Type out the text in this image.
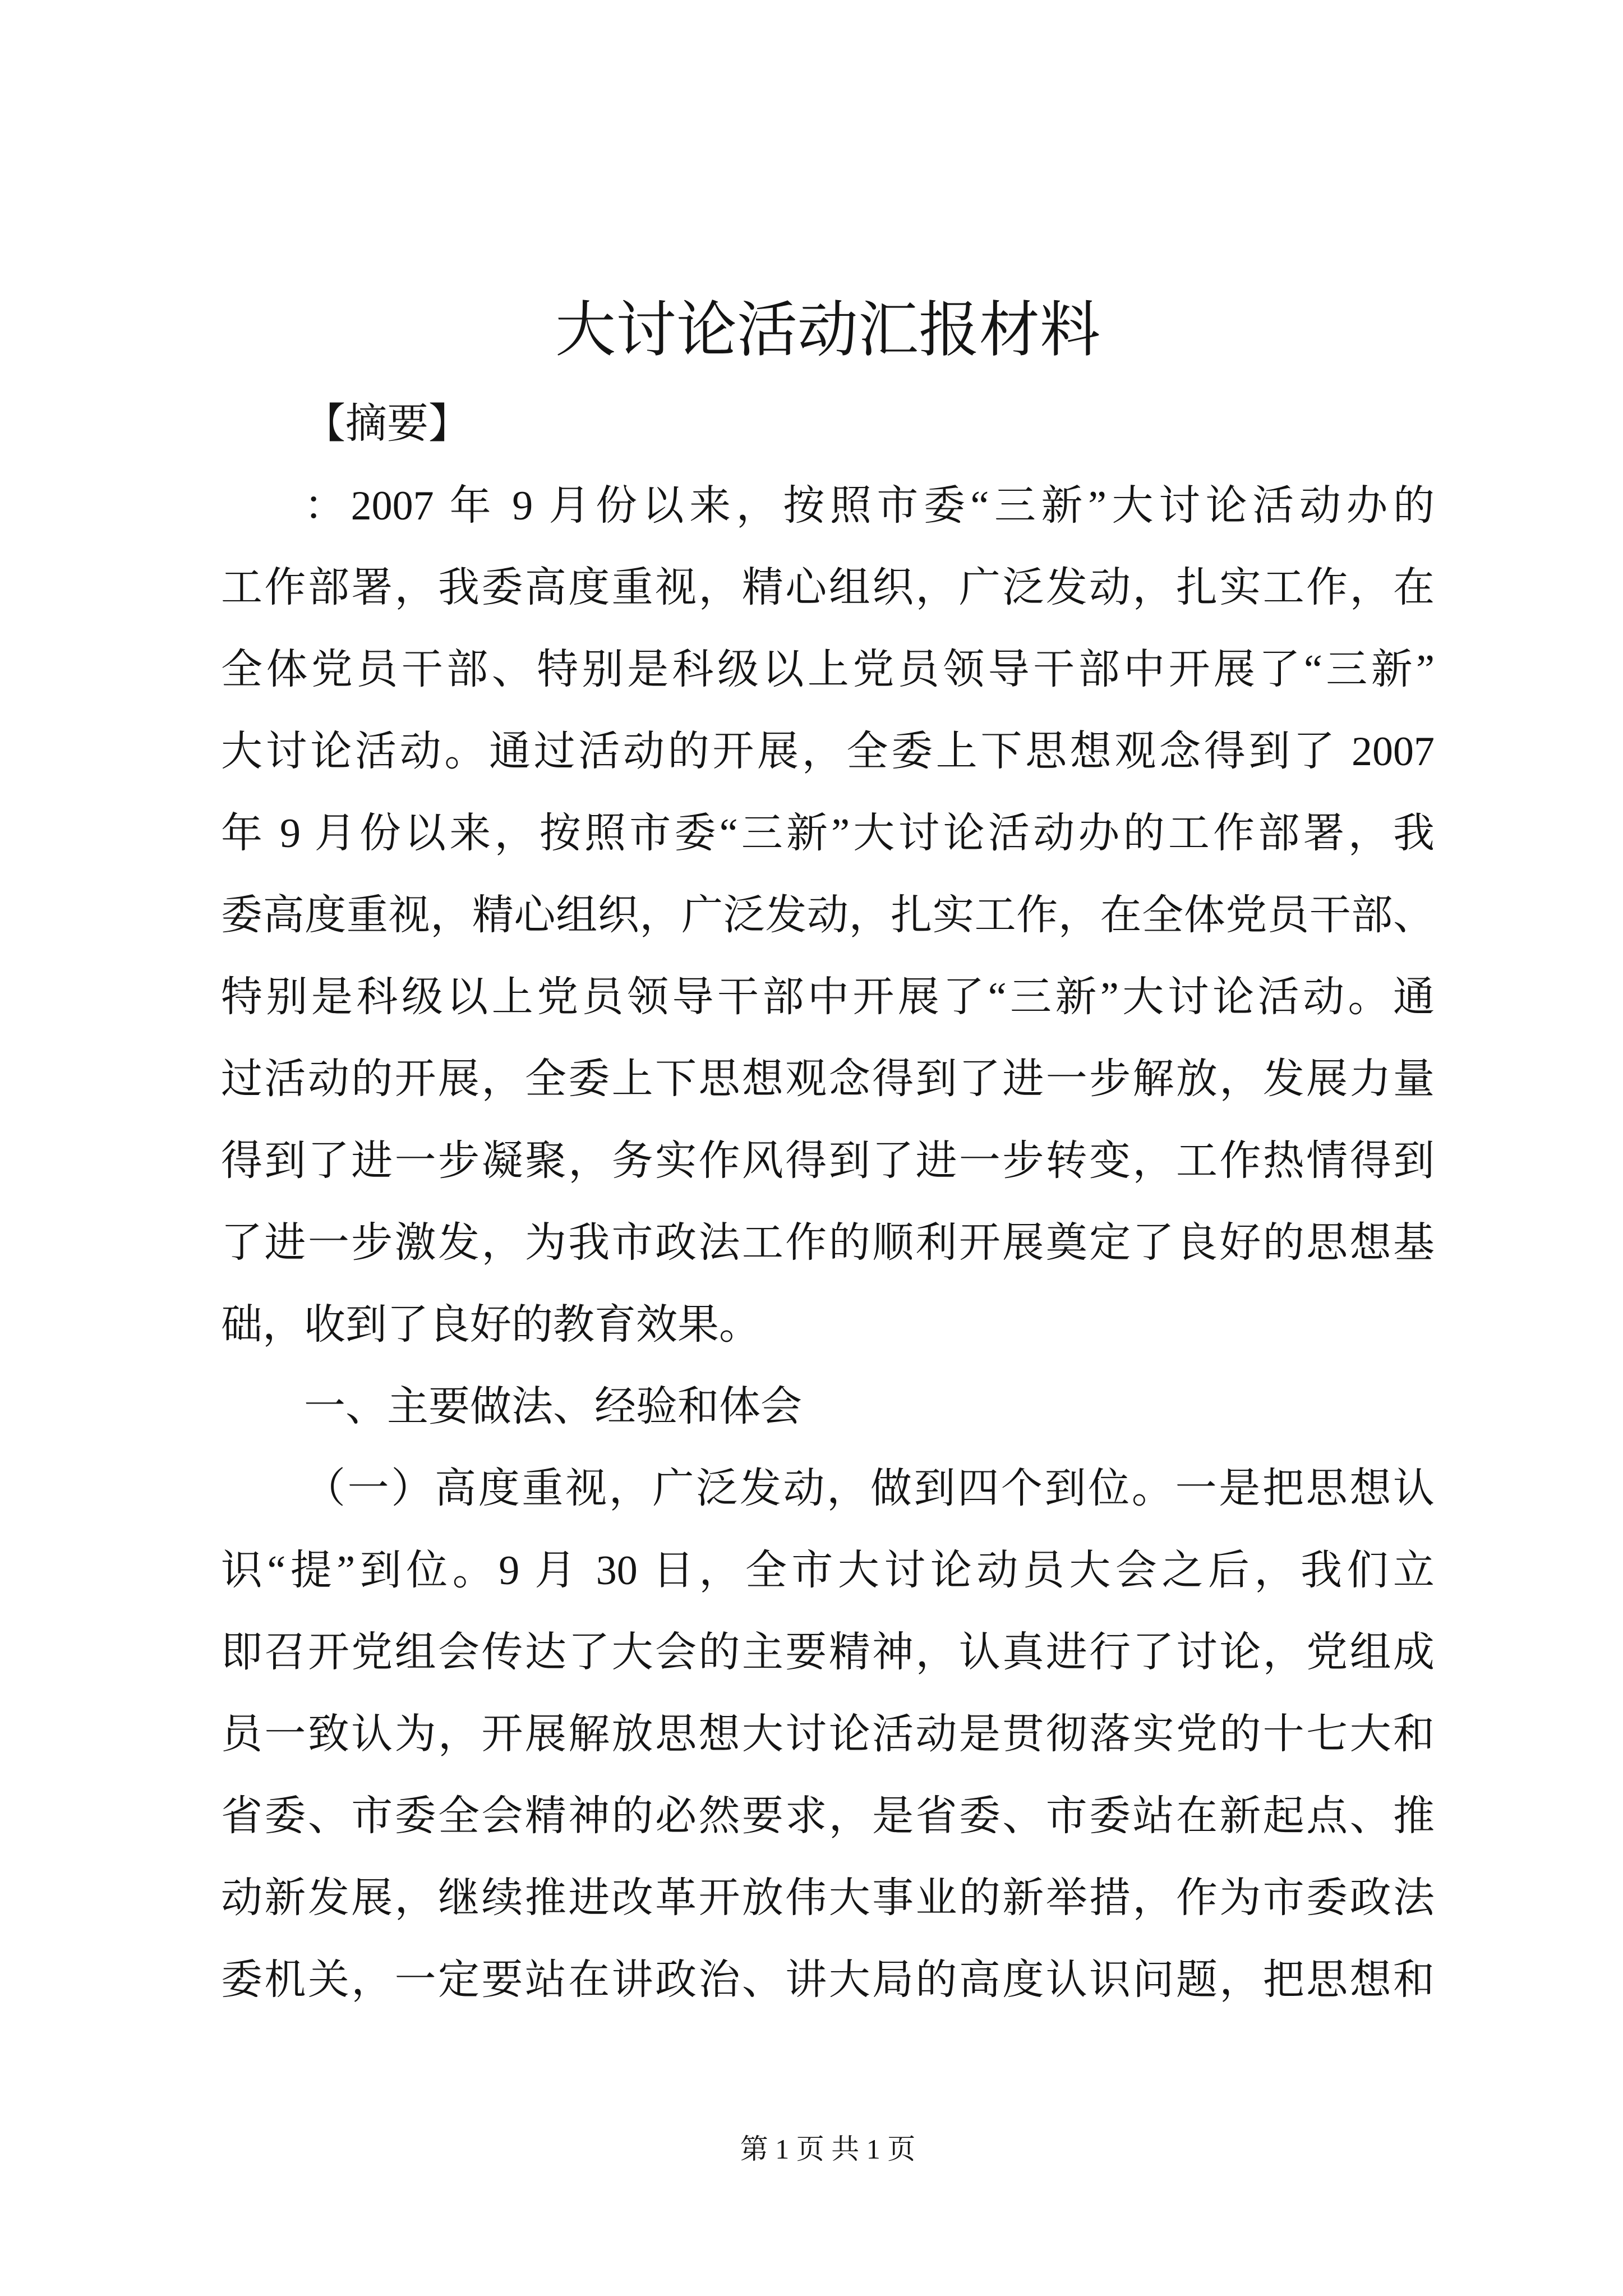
大讨论活动汇报材料
【摘要】
：2007 年 9 月份以来，按照市委“三新”大讨论活动办的
工作部署，我委高度重视，精心组织，广泛发动，扎实工作，在
全体党员干部、特别是科级以上党员领导干部中开展了“三新”
大讨论活动。通过活动的开展，全委上下思想观念得到了 2007
年 9 月份以来，按照市委“三新”大讨论活动办的工作部署，我
委高度重视，精心组织，广泛发动，扎实工作，在全体党员干部、
特别是科级以上党员领导干部中开展了“三新”大讨论活动。通
过活动的开展，全委上下思想观念得到了进一步解放，发展力量
得到了进一步凝聚，务实作风得到了进一步转变，工作热情得到
了进一步激发，为我市政法工作的顺利开展奠定了良好的思想基
础，收到了良好的教育效果。
一、主要做法、经验和体会
（一）高度重视，广泛发动，做到四个到位。一是把思想认
识“提”到位。9 月 30 日，全市大讨论动员大会之后，我们立
即召开党组会传达了大会的主要精神，认真进行了讨论，党组成
员一致认为，开展解放思想大讨论活动是贯彻落实党的十七大和
省委、市委全会精神的必然要求，是省委、市委站在新起点、推
动新发展，继续推进改革开放伟大事业的新举措，作为市委政法
委机关，一定要站在讲政治、讲大局的高度认识问题，把思想和
第 1 页 共 1 页
